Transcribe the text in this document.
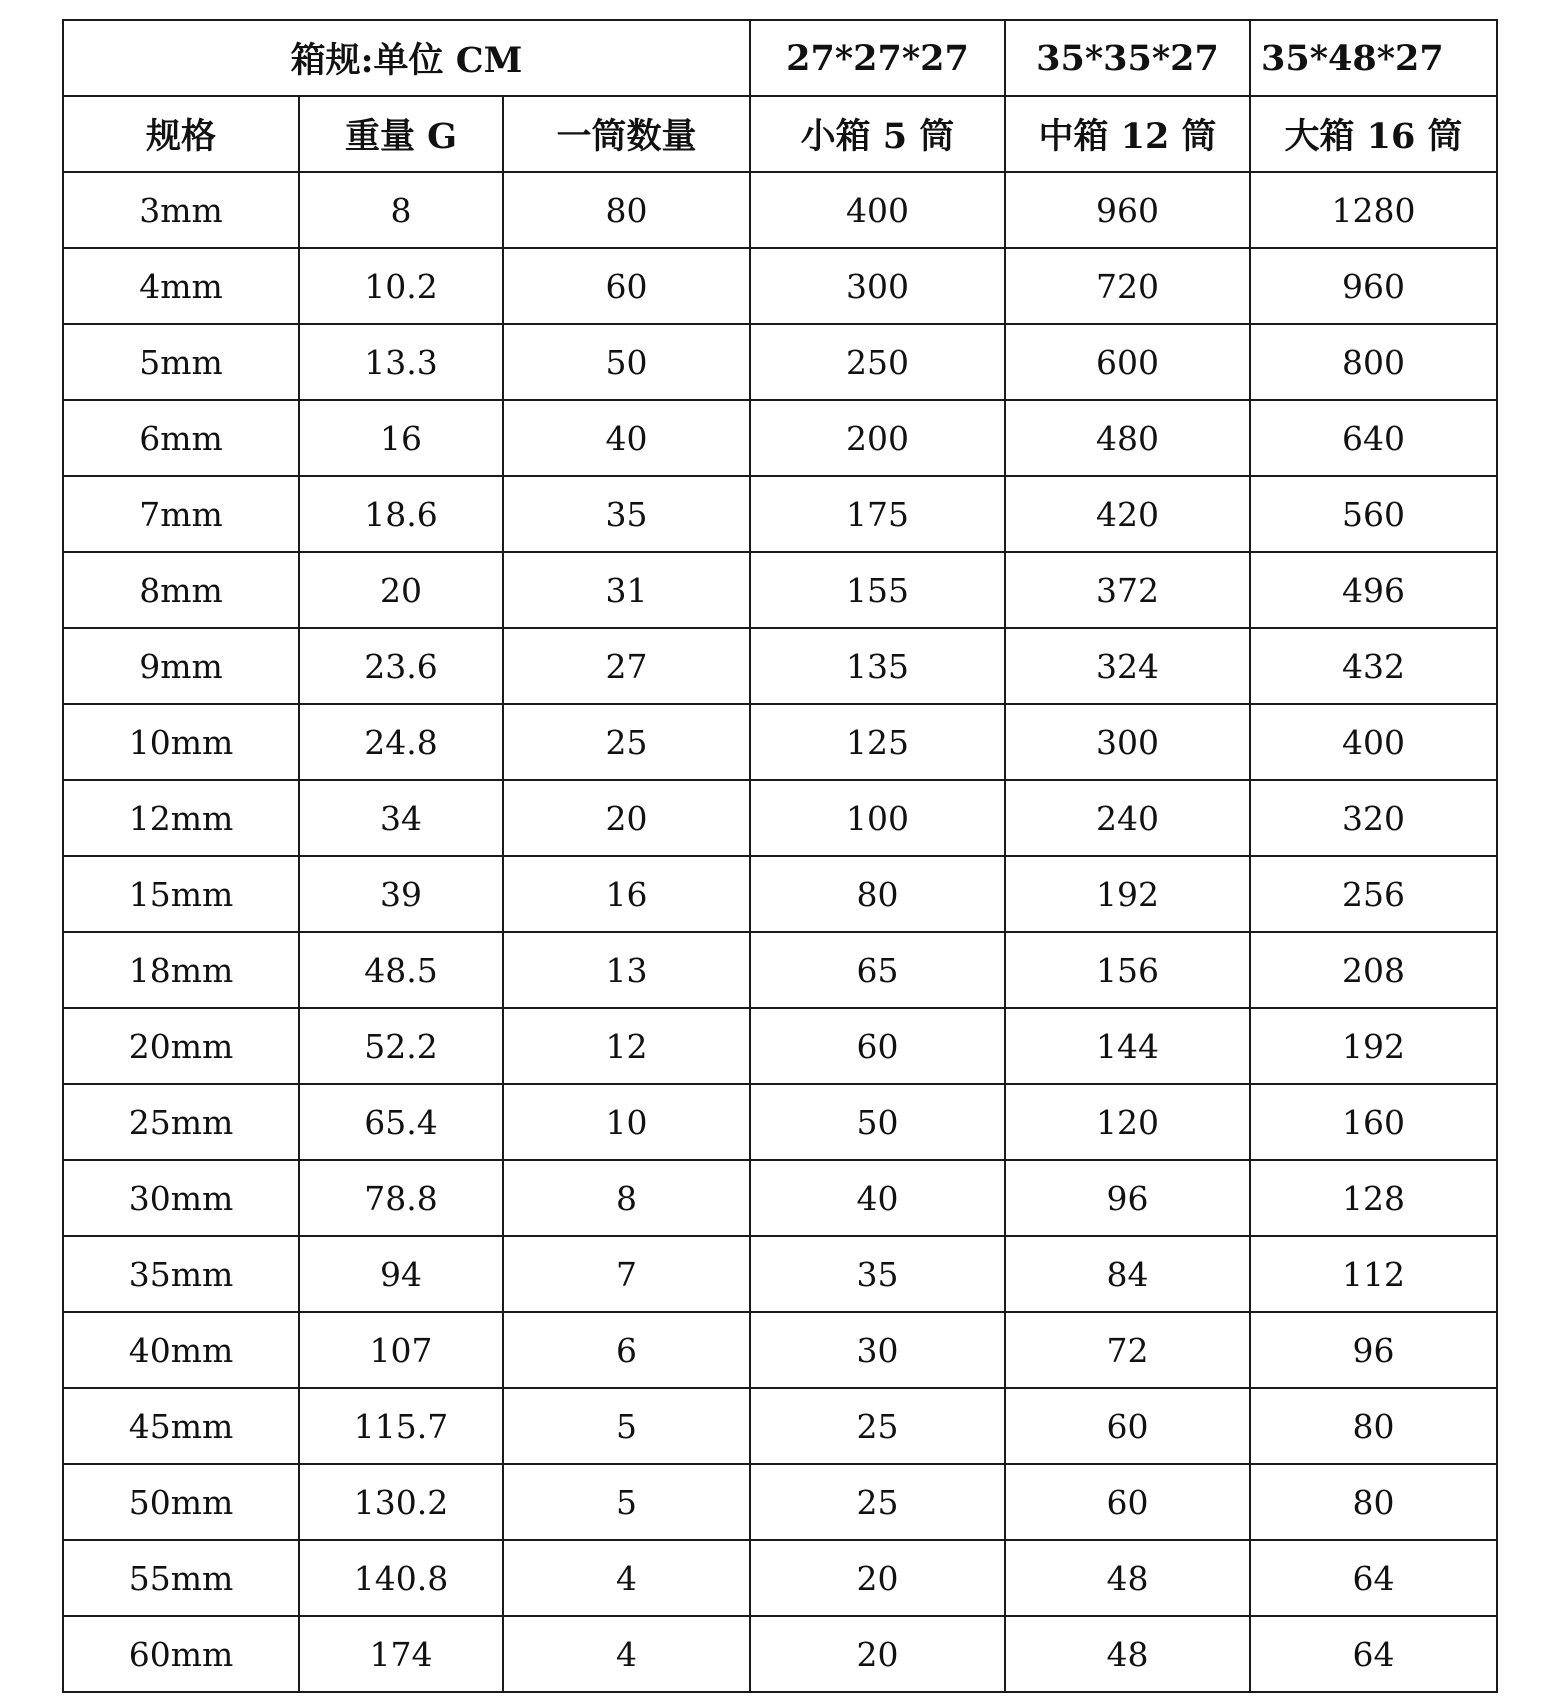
箱规:单位 CM			27*27*27	35*35*27	35*48*27
规格	重量 G	一筒数量	小箱 5 筒	中箱 12 筒	大箱 16 筒
3mm	8	80	400	960	1280
4mm	10.2	60	300	720	960
5mm	13.3	50	250	600	800
6mm	16	40	200	480	640
7mm	18.6	35	175	420	560
8mm	20	31	155	372	496
9mm	23.6	27	135	324	432
10mm	24.8	25	125	300	400
12mm	34	20	100	240	320
15mm	39	16	80	192	256
18mm	48.5	13	65	156	208
20mm	52.2	12	60	144	192
25mm	65.4	10	50	120	160
30mm	78.8	8	40	96	128
35mm	94	7	35	84	112
40mm	107	6	30	72	96
45mm	115.7	5	25	60	80
50mm	130.2	5	25	60	80
55mm	140.8	4	20	48	64
60mm	174	4	20	48	64
